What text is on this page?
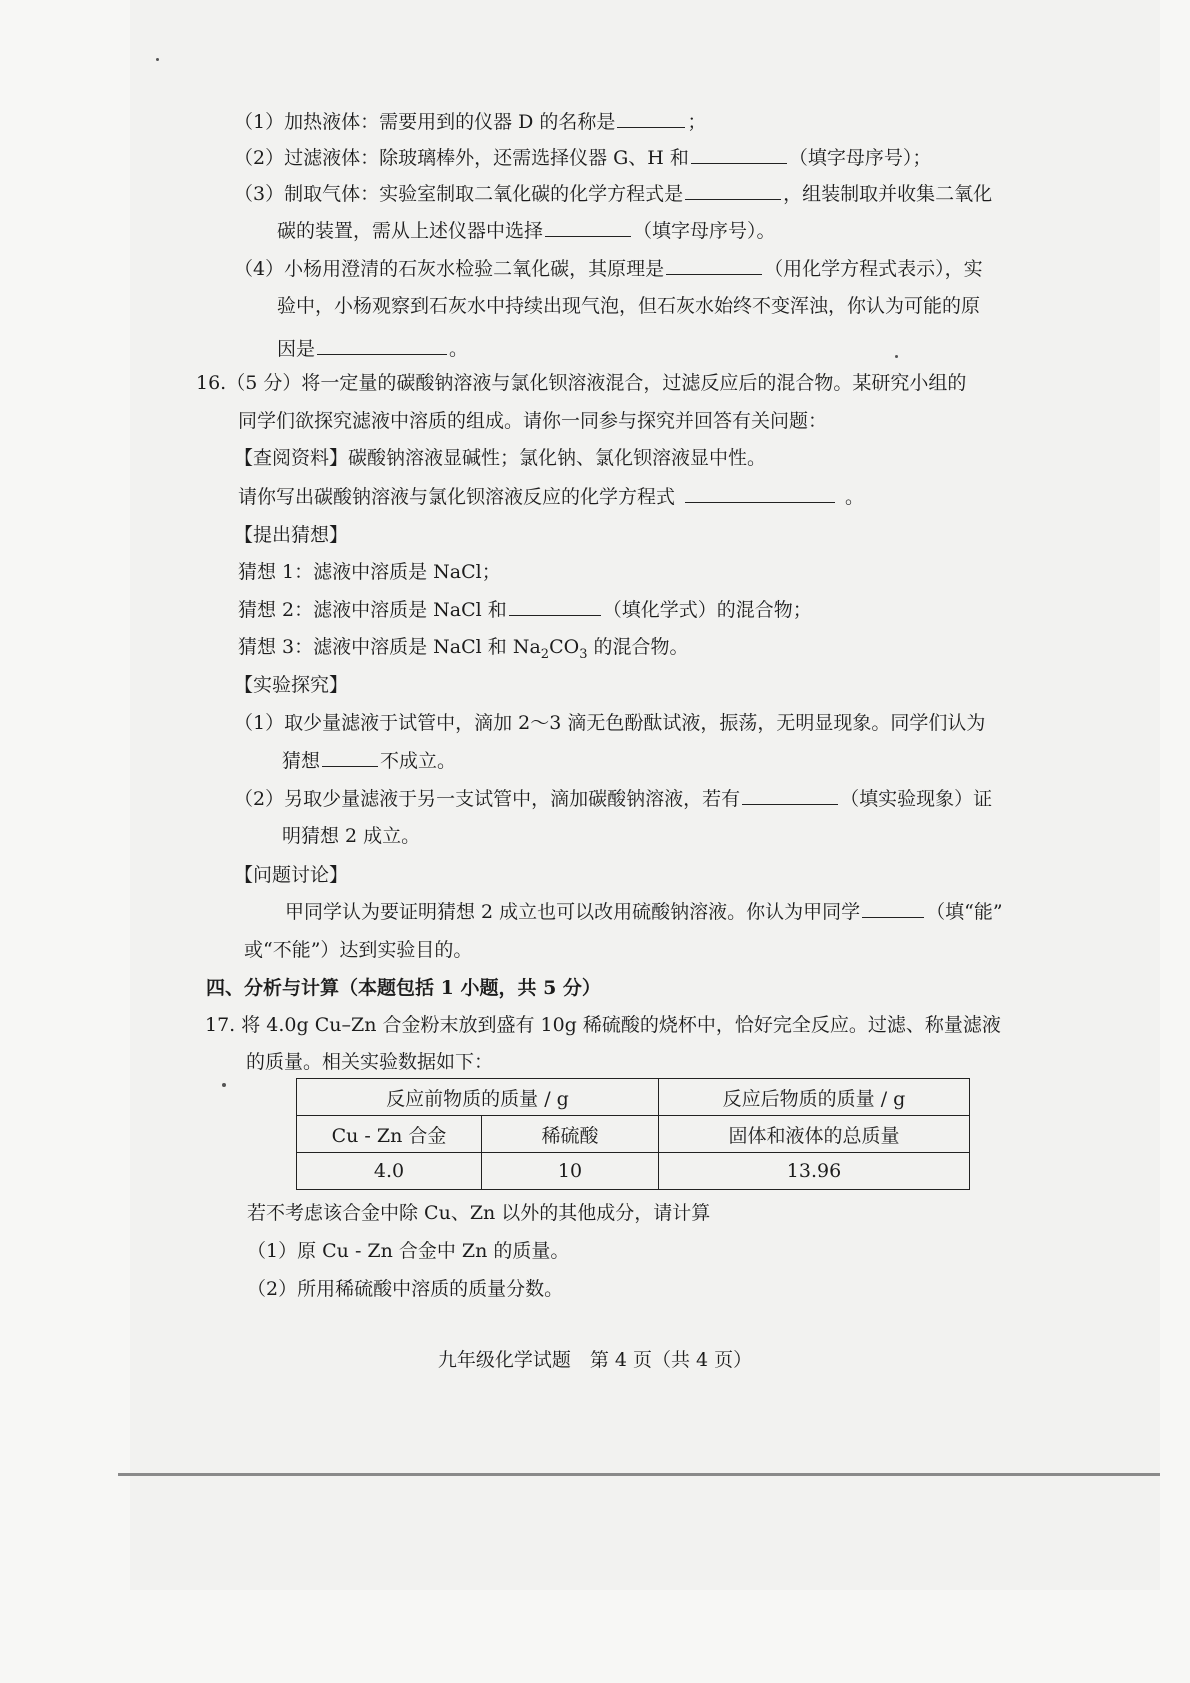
（1）加热液体：需要用到的仪器 D 的名称是	；
（2）过滤液体：除玻璃棒外，还需选择仪器 G、H 和	（填字母序号）；
（3）制取气体：实验室制取二氧化碳的化学方程式是	，组装制取并收集二氧化
碳的装置，需从上述仪器中选择	（填字母序号）。
（4）小杨用澄清的石灰水检验二氧化碳，其原理是	（用化学方程式表示），实
验中，小杨观察到石灰水中持续出现气泡，但石灰水始终不变浑浊，你认为可能的原
因是	。
16.（5 分）将一定量的碳酸钠溶液与氯化钡溶液混合，过滤反应后的混合物。某研究小组的
同学们欲探究滤液中溶质的组成。请你一同参与探究并回答有关问题：
【查阅资料】碳酸钠溶液显碱性；氯化钠、氯化钡溶液显中性。
请你写出碳酸钠溶液与氯化钡溶液反应的化学方程式	。
【提出猜想】
猜想 1：滤液中溶质是 NaCl；
猜想 2：滤液中溶质是 NaCl 和	（填化学式）的混合物；
猜想 3：滤液中溶质是 NaCl 和 $Na_2CO_3$ 的混合物。
【实验探究】
（1）取少量滤液于试管中，滴加 2～3 滴无色酚酞试液，振荡，无明显现象。同学们认为
猜想	不成立。
（2）另取少量滤液于另一支试管中，滴加碳酸钠溶液，若有	（填实验现象）证
明猜想 2 成立。
【问题讨论】
甲同学认为要证明猜想 2 成立也可以改用硫酸钠溶液。你认为甲同学	（填“能”
或“不能”）达到实验目的。
四、分析与计算（本题包括 1 小题，共 5 分）
17. 将 4.0g Cu–Zn 合金粉末放到盛有 10g 稀硫酸的烧杯中，恰好完全反应。过滤、称量滤液
的质量。相关实验数据如下：
反应前物质的质量 / g		反应后物质的质量 / g
Cu - Zn 合金	稀硫酸	固体和液体的总质量
4.0	10	13.96
若不考虑该合金中除 Cu、Zn 以外的其他成分，请计算
（1）原 Cu - Zn 合金中 Zn 的质量。
（2）所用稀硫酸中溶质的质量分数。
九年级化学试题　第 4 页（共 4 页）
